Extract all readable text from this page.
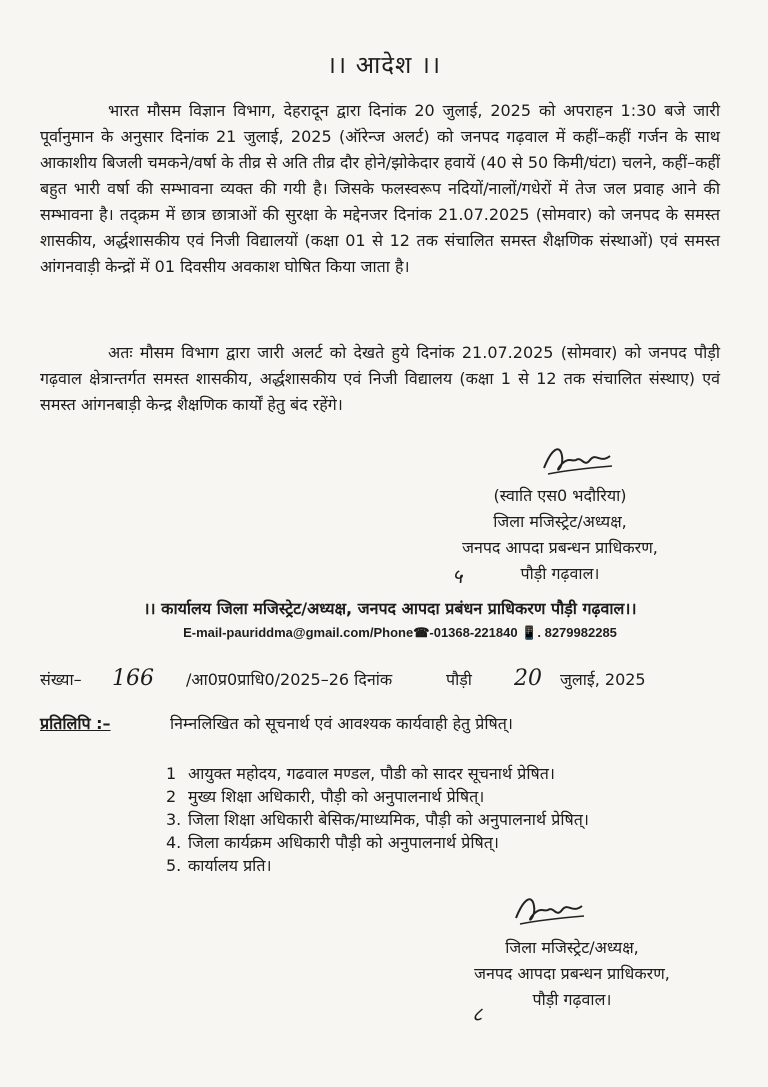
।। आदेश ।।
भारत मौसम विज्ञान विभाग, देहरादून द्वारा दिनांक 20 जुलाई, 2025 को अपराहन 1:30 बजे जारी पूर्वानुमान के अनुसार दिनांक 21 जुलाई, 2025 (ऑरेन्ज अलर्ट) को जनपद गढ़वाल में कहीं–कहीं गर्जन के साथ आकाशीय बिजली चमकने/वर्षा के तीव्र से अति तीव्र दौर होने/झोकेदार हवायें (40 से 50 किमी/घंटा) चलने, कहीं–कहीं बहुत भारी वर्षा की सम्भावना व्यक्त की गयी है। जिसके फलस्वरूप नदियों/नालों/गधेरों में तेज जल प्रवाह आने की सम्भावना है। तद्क्रम में छात्र छात्राओं की सुरक्षा के मद्देनजर दिनांक 21.07.2025 (सोमवार) को जनपद के समस्त शासकीय, अर्द्धशासकीय एवं निजी विद्यालयों (कक्षा 01 से 12 तक संचालित समस्त शैक्षणिक संस्थाओं) एवं समस्त आंगनवाड़ी केन्द्रों में 01 दिवसीय अवकाश घोषित किया जाता है।
अतः मौसम विभाग द्वारा जारी अलर्ट को देखते हुये दिनांक 21.07.2025 (सोमवार) को जनपद पौड़ी गढ़वाल क्षेत्रान्तर्गत समस्त शासकीय, अर्द्धशासकीय एवं निजी विद्यालय (कक्षा 1 से 12 तक संचालित संस्थाए) एवं समस्त आंगनबाड़ी केन्द्र शैक्षणिक कार्यों हेतु बंद रहेंगे।
(स्वाति एस0 भदौरिया)
जिला मजिस्ट्रेट/अध्यक्ष,
जनपद आपदा प्रबन्धन प्राधिकरण,
पौड़ी गढ़वाल।
५
।। कार्यालय जिला मजिस्ट्रेट/अध्यक्ष, जनपद आपदा प्रबंधन प्राधिकरण पौड़ी गढ़वाल।।
E-mail-pauriddma@gmail.com/Phone☎-01368-221840 📱. 8279982285
संख्या– 166 /आ0प्र0प्राधि0/2025–26 दिनांक	पौड़ी 20 जुलाई, 2025
प्रतिलिपि :–	निम्नलिखित को सूचनार्थ एवं आवश्यक कार्यवाही हेतु प्रेषित्।
1 आयुक्त महोदय, गढवाल मण्डल, पौडी को सादर सूचनार्थ प्रेषित।
2 मुख्य शिक्षा अधिकारी, पौड़ी को अनुपालनार्थ प्रेषित्।
3. जिला शिक्षा अधिकारी बेसिक/माध्यमिक, पौड़ी को अनुपालनार्थ प्रेषित्।
4. जिला कार्यक्रम अधिकारी पौड़ी को अनुपालनार्थ प्रेषित्।
5. कार्यालय प्रति।
जिला मजिस्ट्रेट/अध्यक्ष,
जनपद आपदा प्रबन्धन प्राधिकरण,
पौड़ी गढ़वाल।
८
